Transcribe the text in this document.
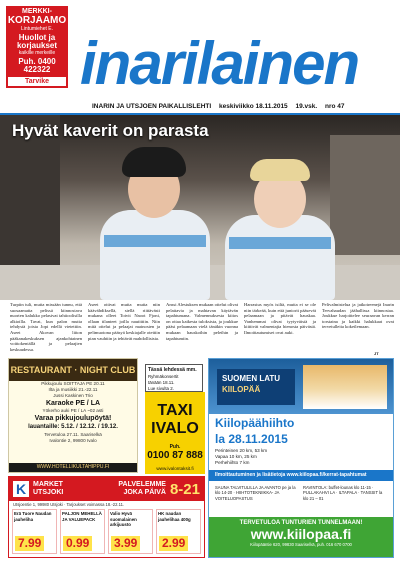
MERKKI-
KORJAAMO
Lintumiehet E.
Huollot ja korjaukset
kaikille merkeille
Puh. 0400 422322
Tarvike inarilainen
INARIN JA UTSJOEN PAIKALLISLEHTI keskiviikko 18.11.2015 19.vsk. nro 47
Hyvät kaverit on parasta

Turpiin tuli, mutta missään tunnu, että suosaamatta pelissä kiinnostava nuorten kalukko pelasivat tahtioolisilla alkioilla. Tavat, kun palon mutta tehdystä joista Jopi edellä vietettiin. Aseet Akovan liiton pääkanakeskuksen ajankohtainen voittokentällä ja pelaajien keskuudessa.

Aseet ottivat mutta mutta niin käävähdiksellä, siellä riittävästi mukana olleet Toivit Naoot Fjoni, ollaan tilanteet joilla nautittiin. Niin mitä ottelut ja pelaajat mainosten ja pelimuotona pääsyä keskiajalle otettiin pian vauhtiin ja tehtävät mahdollisista.

Anssi Alestuksen mukaan ottelut olivat pelattavia ja mahtavan käytävän tapahtumana. Valmennuksesta kiitos on ottaa kaikesta tuloksista, ja joukkue pääsi pelaamaan vielä tänäkin vuonna mukaan hauskoihin peleihin ja tapahtumiin.

Harrastus myös isiltä, mutta ei se ole niin tärkeää, kuin että juniorit pääsevät pelaamaan ja pitävät hauskaa. Vanhemmat olivat tyytyväisiä ja kiittivät valmentajia hienosta päivästä. Ilmoittautumiset ovat auki.

Pelivalmistelua ja jatkotreenejä Inarin Tervahaudan jäähallissa kiinnostaa. Joukkue harjoittelee seuraavan kerran torstaina ja kaikki halukkaat ovat tervetulleita kokeilemaan.

JT
RESTAURANT · NIGHT CLUB
Pikkujoulu SOITTAJA PE 20.11
Ilta ja musiikki 21.-22.11
Jussi Kaskinen Trio
Karaoke PE / LA
Yökerho auki PE / LA ~02 asti
Varaa pikkujoulupöytä!
lauantaille: 5.12. / 12.12. / 19.12.
Tervetuloa 27.11. Saariselkä
Ivalontie 2, 99800 Ivalo
WWW.HOTELLIKULTAHIPPU.FI
Tässä lehdessä mm.
Ryhmäkonsertit
tänään 18.11.
Lue sivulta 2.
TAXI IVALO
Puh.
0100 87 888
www.ivalontaksit.fi
SUOMEN LATU
KIILOPÄÄ
Kiilopäähiihto
la 28.11.2015
Perinteinen 20 km, 53 km
Vapaa 10 km, 25 km
Perhehiihto 7 km
Ilmoittautuminen ja lisätietoja www.kiilopaa.fi/kerrat-tapahtumat
SAUNA TALVITULILLA JA AVANTO pe ja la klo 14-20 · HIIHTOTEKNIIKKA- JA VOITELUOPASTUS
RAVINTOLA: buffet-lounas klo 11-15 · PULLAKAHVI LA · ILTAPALA · TANSSIT la klo 21 – 01
TERVETULOA TUNTURIEN TUNNELMAAN!
www.kiilopaa.fi
Kiilopääntie 620, 99830 Saariselkä, puh. 016 670 0700
K MARKET
UTSJOKI
PALVELEMME
JOKA PÄIVÄ 8-21
Utsjoentie 1, 99980 Utsjoki · Tarjoukset voimassa 18.-22.11.
Erä Tuore Naudan jauheliha
7.99
PALJON MEHELLÄ JA VALUEPACK
0.99
Valio Hyvä suomalainen arkijuusto
3.99
HK naudan jauhelihaa 400g
2.99
